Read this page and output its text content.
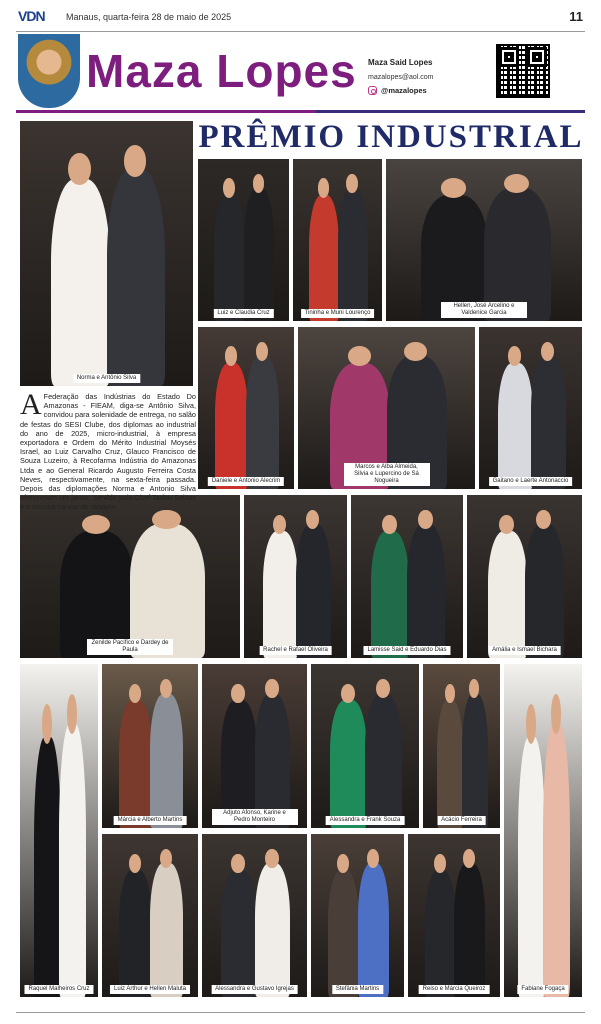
VDN Manaus, quarta-feira 28 de maio de 2025	11
Maza Lopes Maza Said Lopes
mazalopes@aol.com
@mazalopes
PRÊMIO INDUSTRIAL
Norma e Antônio Silva
Luiz e Claudia Cruz	Tininha e Muni Lourenço
Hellen, José Arcelino e Valdenice Garcia
Daniele e Antonio Alecrim
Marcos e Alba Almeida, Silvia e Lupercino de Sá Nogueira	Gaitano e Laerte Antonaccio
Zenilde Pacífico e Dardey de Paula	Rachel e Rafael Oliveira	Lamisse Said e Eduardo Dias	Amália e Ismael Bichara
Raquel Malheiros Cruz
Márcia e Alberto Martins
Adjuto Afonso, Karine e Pedro Monteiro	Alessandra e Frank Souza	Acácio Ferreira
Fabiane Fogaça
Luiz Arthur e Hellen Maluta	Alessandra e Gustavo Igrejas	Stefânia Martins	Reiso e Márcia Queiroz
A Federação das Indústrias do Estado Do Amazonas - FIEAM, diga-se Antônio Silva, convidou para solenidade de entrega, no salão de festas do SESI Clube, dos diplomas ao industrial do ano de 2025, micro-industrial, à empresa exportadora e Ordem do Mérito Industrial Moysés Israel, ao Luiz Carvalho Cruz, Glauco Francisco de Souza Luzeiro, à Recofarma Indústria do Amazonas Ltda e ao General Ricardo Augusto Ferreira Costa Neves, respectivamente, na sexta-feira passada. Depois das diplomações Norma e Antonio Silva ofereceram um jantar, servido pelo Chef Tadeu Seixas e a música na voz de Ianayra.
